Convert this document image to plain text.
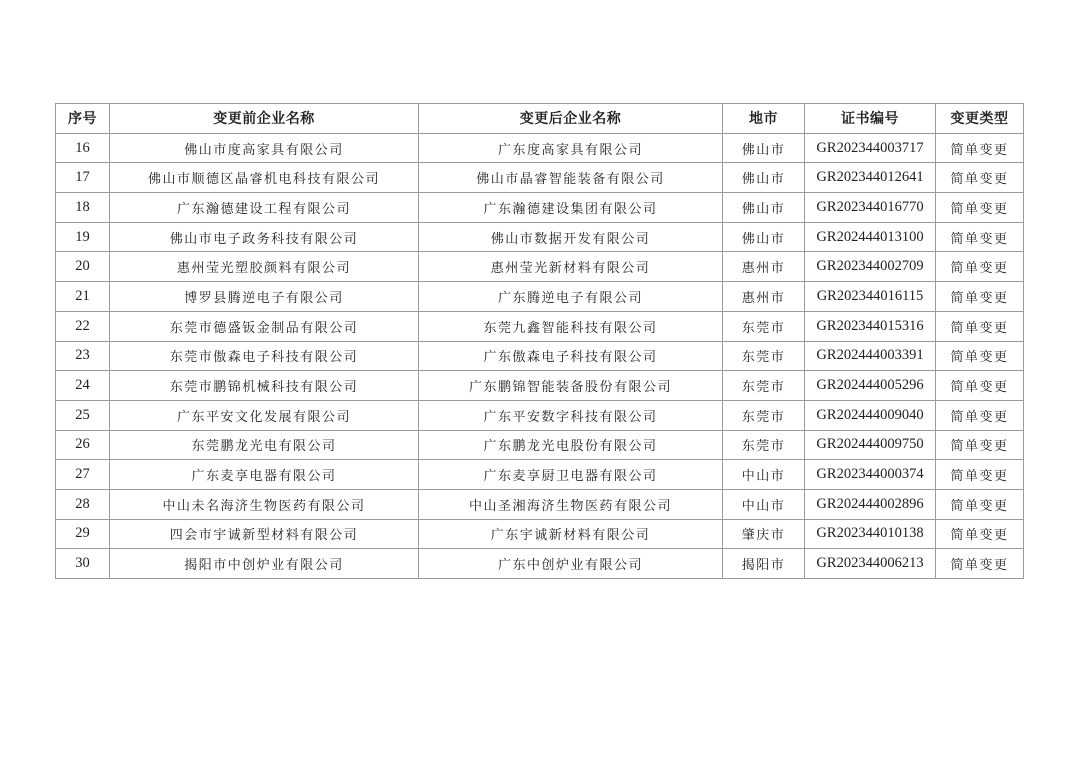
序号	变更前企业名称	变更后企业名称	地市	证书编号	变更类型
16	佛山市度高家具有限公司	广东度高家具有限公司	佛山市	GR202344003717	简单变更
17	佛山市顺德区晶睿机电科技有限公司	佛山市晶睿智能装备有限公司	佛山市	GR202344012641	简单变更
18	广东瀚德建设工程有限公司	广东瀚德建设集团有限公司	佛山市	GR202344016770	简单变更
19	佛山市电子政务科技有限公司	佛山市数据开发有限公司	佛山市	GR202444013100	简单变更
20	惠州莹光塑胶颜料有限公司	惠州莹光新材料有限公司	惠州市	GR202344002709	简单变更
21	博罗县腾逆电子有限公司	广东腾逆电子有限公司	惠州市	GR202344016115	简单变更
22	东莞市德盛钣金制品有限公司	东莞九鑫智能科技有限公司	东莞市	GR202344015316	简单变更
23	东莞市傲森电子科技有限公司	广东傲森电子科技有限公司	东莞市	GR202444003391	简单变更
24	东莞市鹏锦机械科技有限公司	广东鹏锦智能装备股份有限公司	东莞市	GR202444005296	简单变更
25	广东平安文化发展有限公司	广东平安数字科技有限公司	东莞市	GR202444009040	简单变更
26	东莞鹏龙光电有限公司	广东鹏龙光电股份有限公司	东莞市	GR202444009750	简单变更
27	广东麦享电器有限公司	广东麦享厨卫电器有限公司	中山市	GR202344000374	简单变更
28	中山未名海济生物医药有限公司	中山圣湘海济生物医药有限公司	中山市	GR202444002896	简单变更
29	四会市宇诚新型材料有限公司	广东宇诚新材料有限公司	肇庆市	GR202344010138	简单变更
30	揭阳市中创炉业有限公司	广东中创炉业有限公司	揭阳市	GR202344006213	简单变更
